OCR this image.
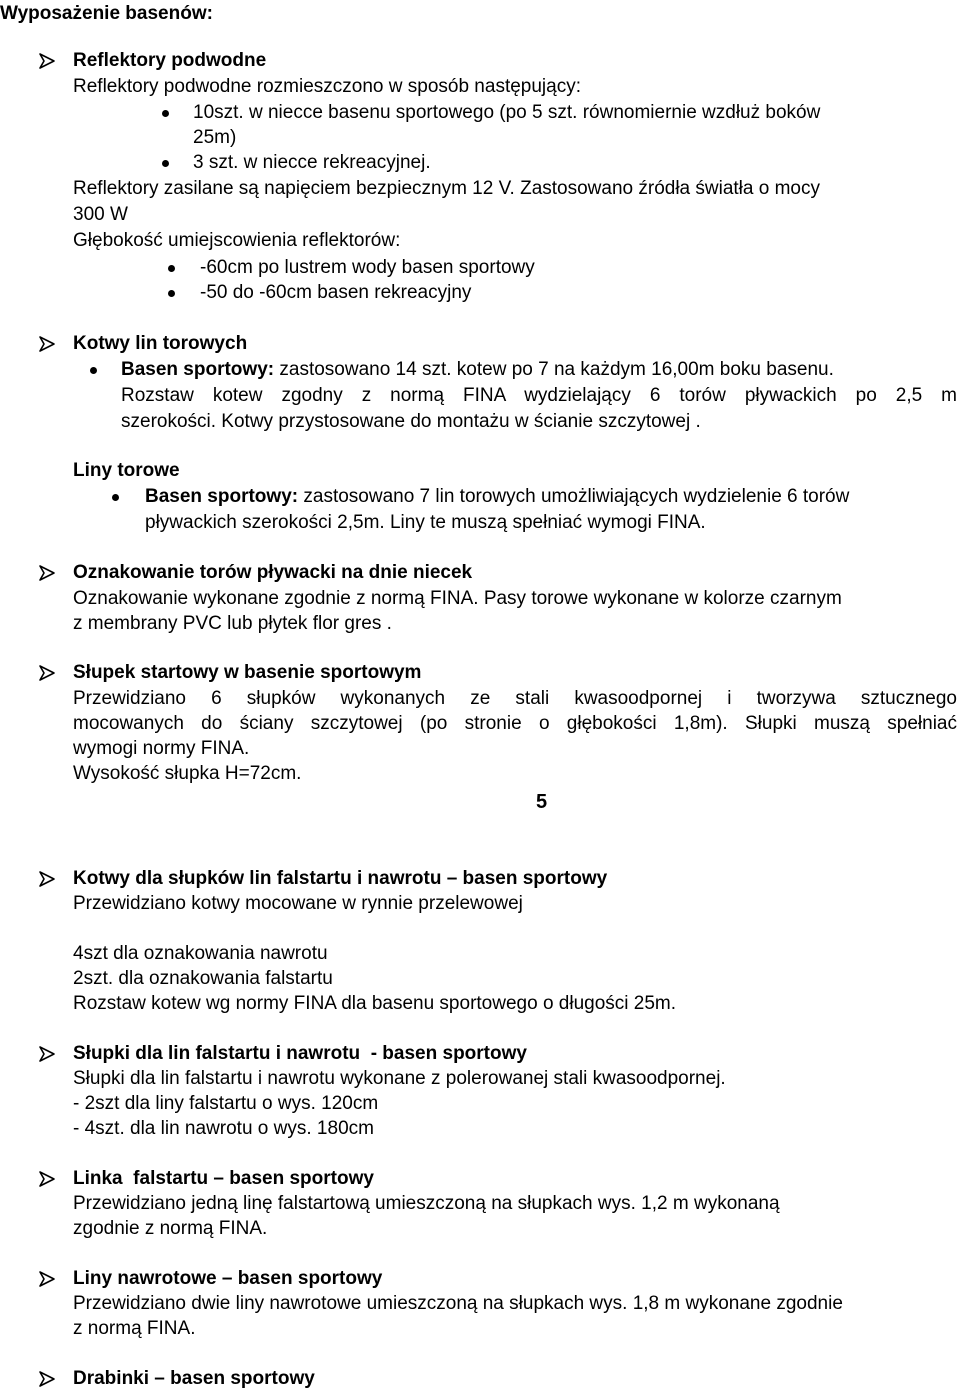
Wyposażenie basenów:
Reflektory podwodne
Reflektory podwodne rozmieszczono w sposób następujący:
10szt. w niecce basenu sportowego (po 5 szt. równomiernie wzdłuż boków
25m)
3 szt. w niecce rekreacyjnej.
Reflektory zasilane są napięciem bezpiecznym 12 V. Zastosowano źródła światła o mocy
300 W
Głębokość umiejscowienia reflektorów:
-60cm po lustrem wody basen sportowy
-50 do -60cm basen rekreacyjny
Kotwy lin torowych
Basen sportowy: zastosowano 14 szt. kotew po 7 na każdym 16,00m boku basenu.
Rozstaw kotew zgodny z normą FINA wydzielający 6 torów pływackich po 2,5 m
szerokości. Kotwy przystosowane do montażu w ścianie szczytowej .
Liny torowe
Basen sportowy: zastosowano 7 lin torowych umożliwiających wydzielenie 6 torów
pływackich szerokości 2,5m. Liny te muszą spełniać wymogi FINA.
Oznakowanie torów pływacki na dnie niecek
Oznakowanie wykonane zgodnie z normą FINA. Pasy torowe wykonane w kolorze czarnym
z membrany PVC lub płytek flor gres .
Słupek startowy w basenie sportowym
Przewidziano 6 słupków wykonanych ze stali kwasoodpornej i tworzywa sztucznego
mocowanych do ściany szczytowej (po stronie o głębokości 1,8m). Słupki muszą spełniać
wymogi normy FINA.
Wysokość słupka H=72cm.
5
Kotwy dla słupków lin falstartu i nawrotu – basen sportowy
Przewidziano kotwy mocowane w rynnie przelewowej
4szt dla oznakowania nawrotu
2szt. dla oznakowania falstartu
Rozstaw kotew wg normy FINA dla basenu sportowego o długości 25m.
Słupki dla lin falstartu i nawrotu  - basen sportowy
Słupki dla lin falstartu i nawrotu wykonane z polerowanej stali kwasoodpornej.
- 2szt dla liny falstartu o wys. 120cm
- 4szt. dla lin nawrotu o wys. 180cm
Linka  falstartu – basen sportowy
Przewidziano jedną linę falstartową umieszczoną na słupkach wys. 1,2 m wykonaną
zgodnie z normą FINA.
Liny nawrotowe – basen sportowy
Przewidziano dwie liny nawrotowe umieszczoną na słupkach wys. 1,8 m wykonane zgodnie
z normą FINA.
Drabinki – basen sportowy
